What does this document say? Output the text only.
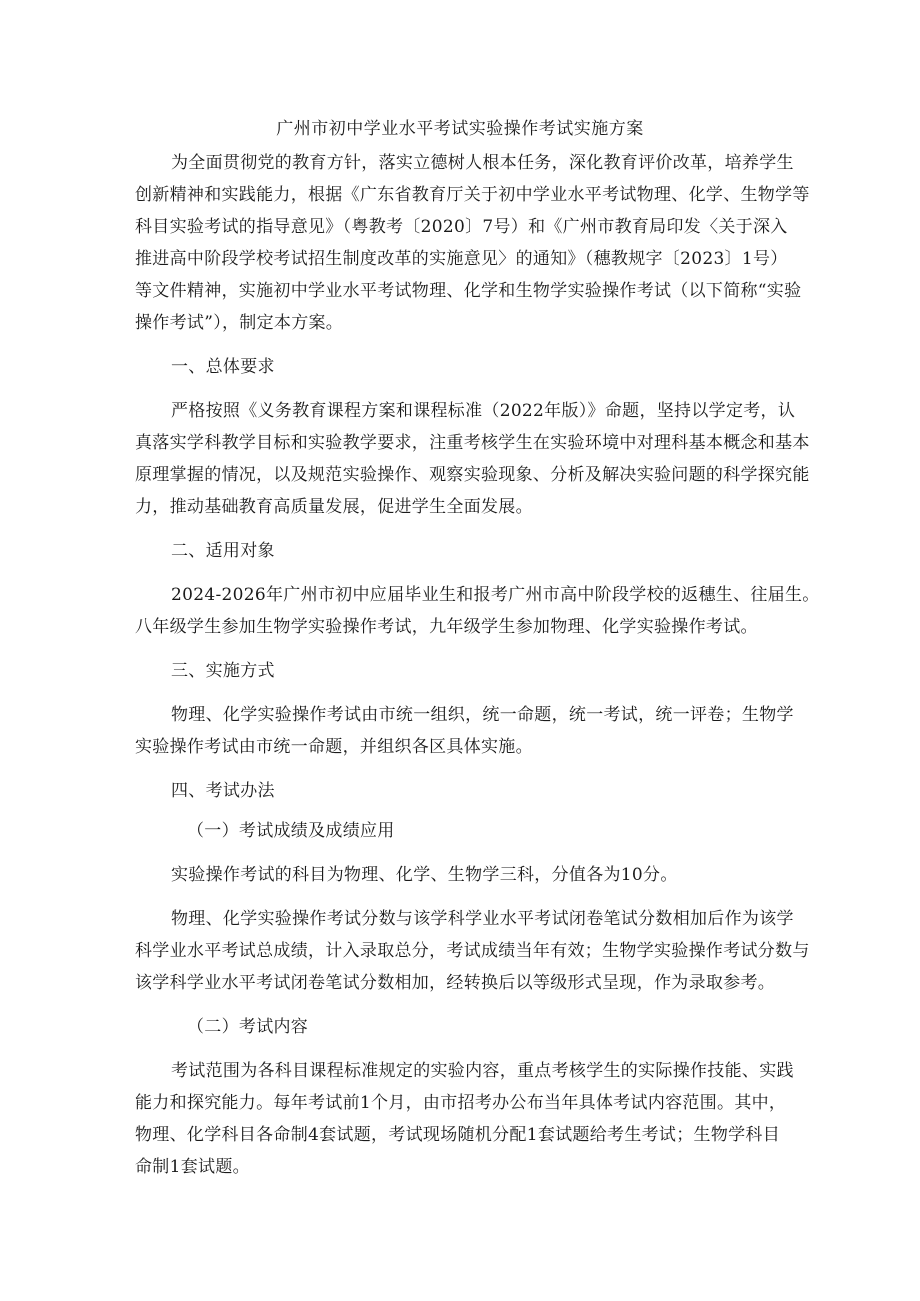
广州市初中学业水平考试实验操作考试实施方案
为全面贯彻党的教育方针，落实立德树人根本任务，深化教育评价改革，培养学生
创新精神和实践能力，根据《广东省教育厅关于初中学业水平考试物理、化学、生物学等
科目实验考试的指导意见》（粤教考〔2020〕7号）和《广州市教育局印发〈关于深入
推进高中阶段学校考试招生制度改革的实施意见〉的通知》（穗教规字〔2023〕1号）
等文件精神，实施初中学业水平考试物理、化学和生物学实验操作考试（以下简称“实验
操作考试”），制定本方案。
一、总体要求
严格按照《义务教育课程方案和课程标准（2022年版）》命题，坚持以学定考，认
真落实学科教学目标和实验教学要求，注重考核学生在实验环境中对理科基本概念和基本
原理掌握的情况，以及规范实验操作、观察实验现象、分析及解决实验问题的科学探究能
力，推动基础教育高质量发展，促进学生全面发展。
二、适用对象
2024-2026年广州市初中应届毕业生和报考广州市高中阶段学校的返穗生、往届生。
八年级学生参加生物学实验操作考试，九年级学生参加物理、化学实验操作考试。
三、实施方式
物理、化学实验操作考试由市统一组织，统一命题，统一考试，统一评卷；生物学
实验操作考试由市统一命题，并组织各区具体实施。
四、考试办法
（一）考试成绩及成绩应用
实验操作考试的科目为物理、化学、生物学三科，分值各为10分。
物理、化学实验操作考试分数与该学科学业水平考试闭卷笔试分数相加后作为该学
科学业水平考试总成绩，计入录取总分，考试成绩当年有效；生物学实验操作考试分数与
该学科学业水平考试闭卷笔试分数相加，经转换后以等级形式呈现，作为录取参考。
（二）考试内容
考试范围为各科目课程标准规定的实验内容，重点考核学生的实际操作技能、实践
能力和探究能力。每年考试前1个月，由市招考办公布当年具体考试内容范围。其中，
物理、化学科目各命制4套试题，考试现场随机分配1套试题给考生考试；生物学科目
命制1套试题。
